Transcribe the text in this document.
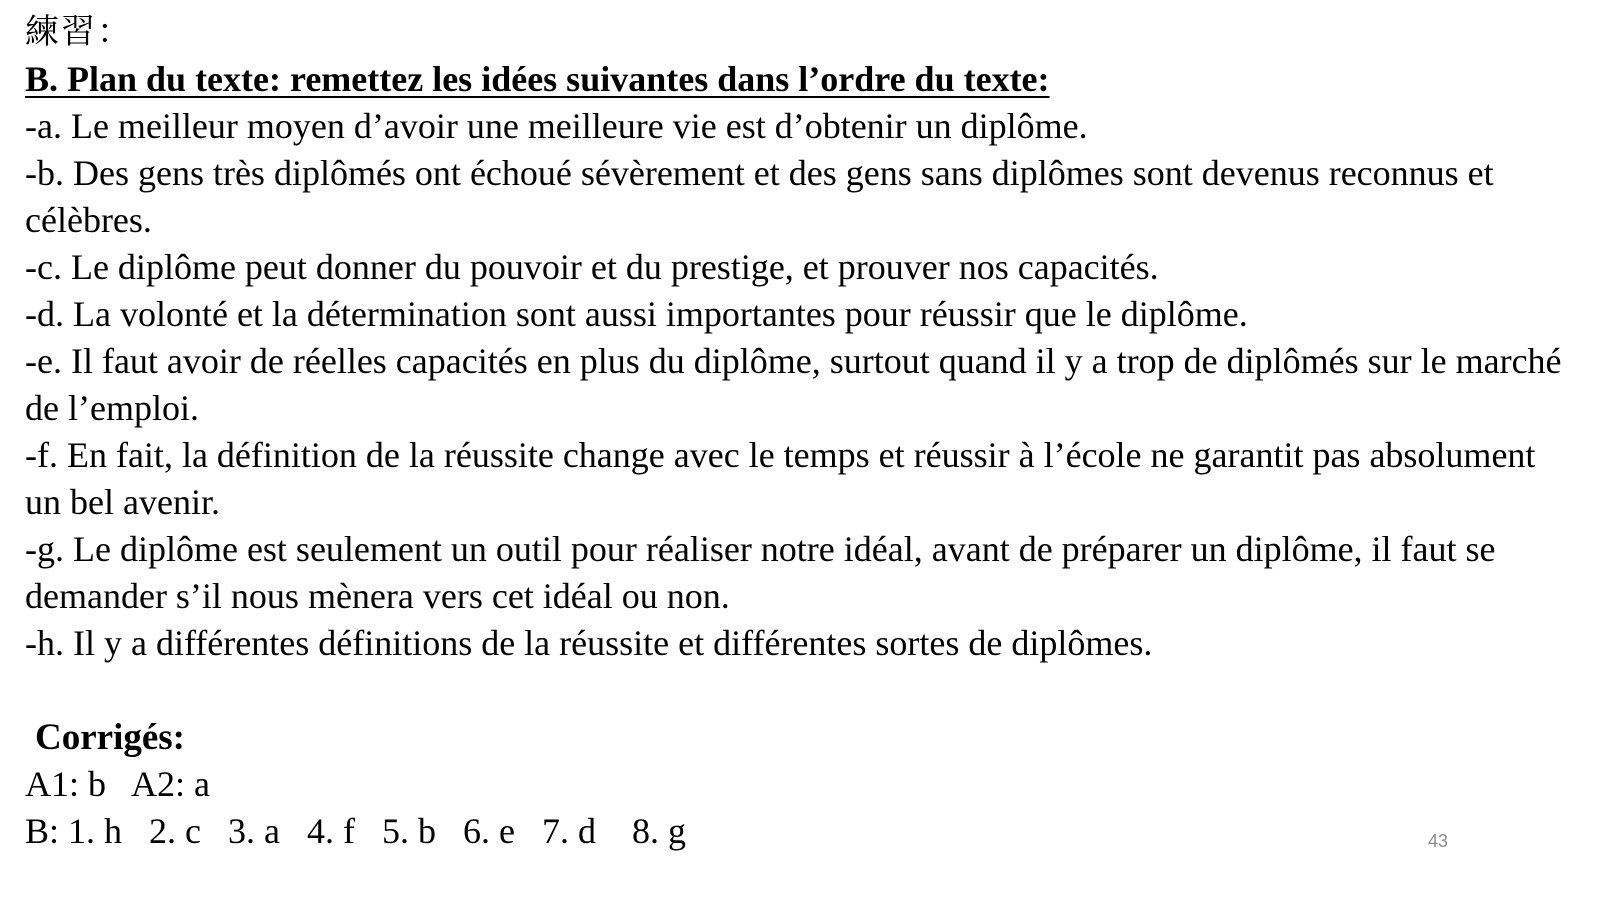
練習：
B. Plan du texte: remettez les idées suivantes dans l’ordre du texte:
-a. Le meilleur moyen d’avoir une meilleure vie est d’obtenir un diplôme.
-b. Des gens très diplômés ont échoué sévèrement et des gens sans diplômes sont devenus reconnus et célèbres.
-c. Le diplôme peut donner du pouvoir et du prestige, et prouver nos capacités.
-d. La volonté et la détermination sont aussi importantes pour réussir que le diplôme.
-e. Il faut avoir de réelles capacités en plus du diplôme, surtout quand il y a trop de diplômés sur le marché de l’emploi.
-f. En fait, la définition de la réussite change avec le temps et réussir à l’école ne garantit pas absolument un bel avenir.
-g. Le diplôme est seulement un outil pour réaliser notre idéal, avant de préparer un diplôme, il faut se demander s’il nous mènera vers cet idéal ou non.
-h. Il y a différentes définitions de la réussite et différentes sortes de diplômes.
Corrigés:
A1: b   A2: a
B: 1. h   2. c   3. a   4. f   5. b   6. e   7. d    8. g	43
